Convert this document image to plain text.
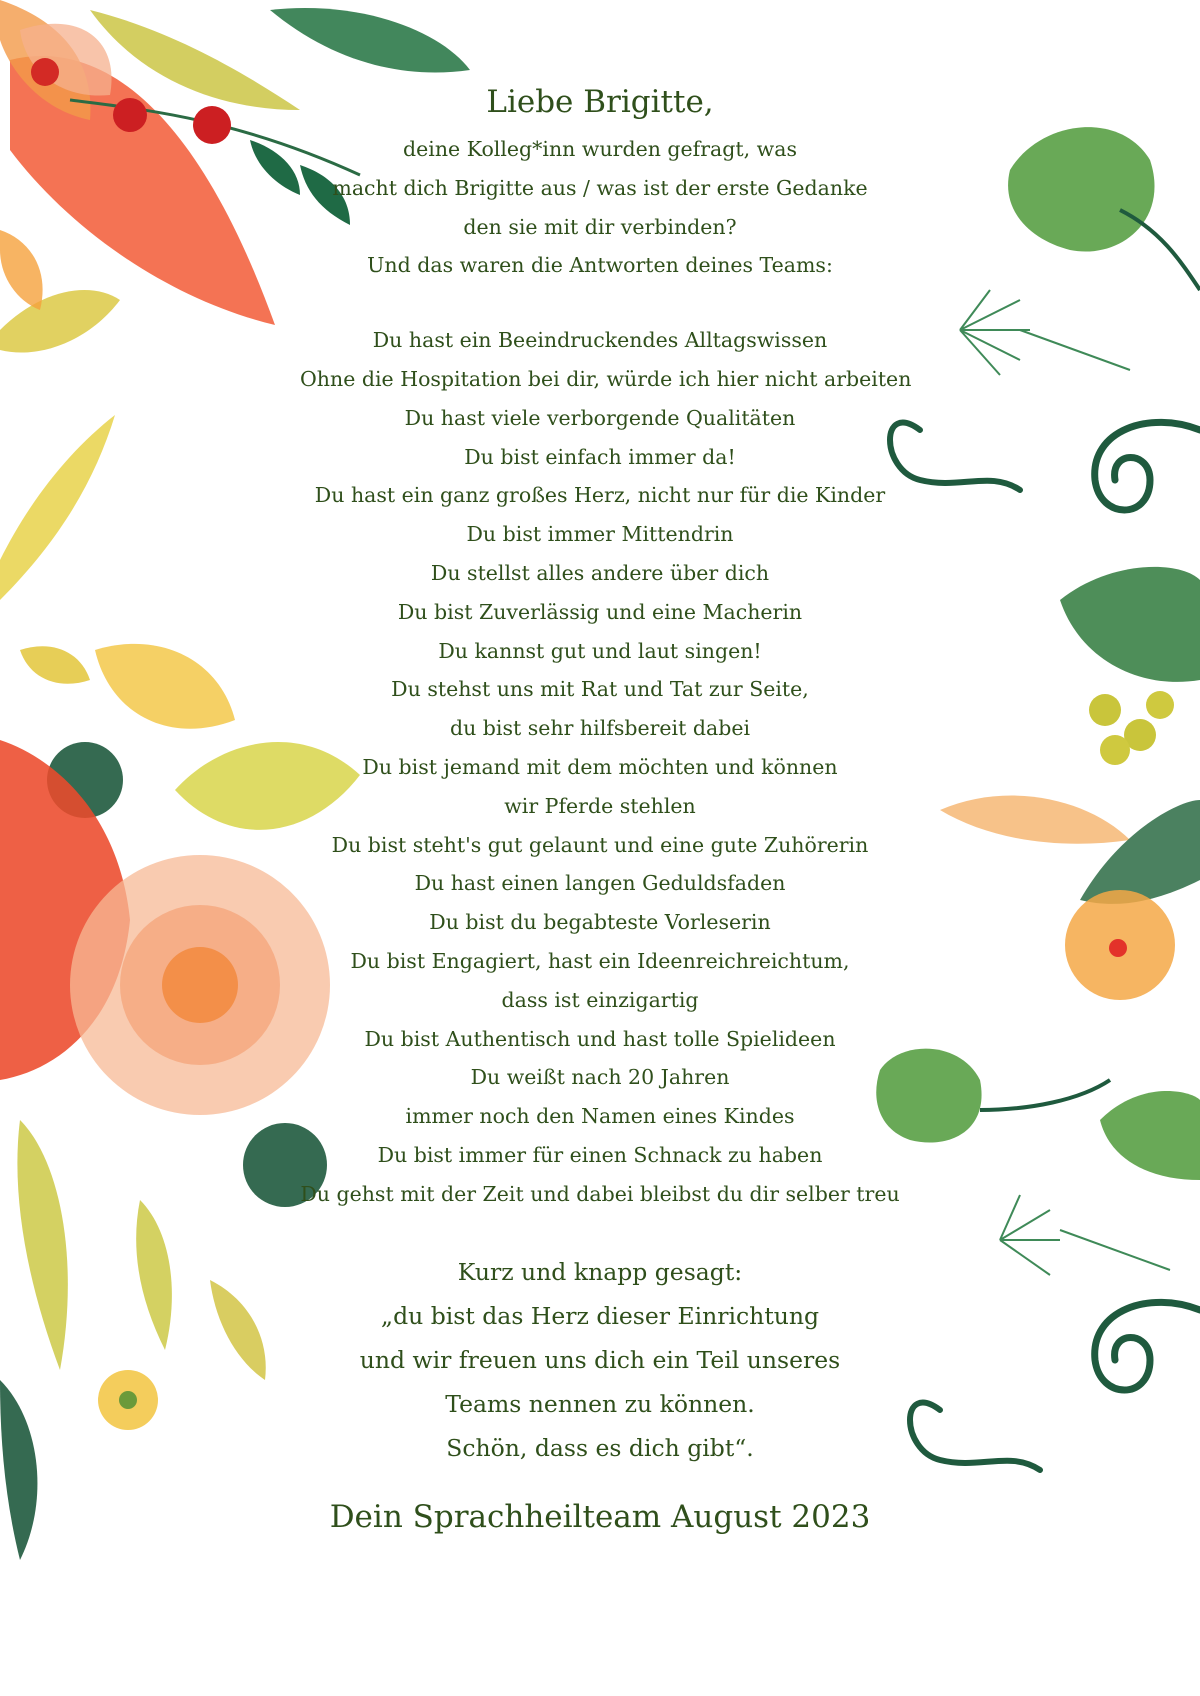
Liebe Brigitte,
deine Kolleg*inn wurden gefragt, was
macht dich Brigitte aus / was ist der erste Gedanke
den sie mit dir verbinden?
Und das waren die Antworten deines Teams:
Du hast ein Beeindruckendes Alltagswissen
Ohne die Hospitation bei dir, würde ich hier nicht arbeiten
Du hast viele verborgende Qualitäten
Du bist einfach immer da!
Du hast ein ganz großes Herz, nicht nur für die Kinder
Du bist immer Mittendrin
Du stellst alles andere über dich
Du bist Zuverlässig und eine Macherin
Du kannst gut und laut singen!
Du stehst uns mit Rat und Tat zur Seite,
du bist sehr hilfsbereit dabei
Du bist jemand mit dem möchten und können
wir Pferde stehlen
Du bist steht's gut gelaunt und eine gute Zuhörerin
Du hast einen langen Geduldsfaden
Du bist du begabteste Vorleserin
Du bist Engagiert, hast ein Ideenreichreichtum,
dass ist einzigartig
Du bist Authentisch und hast tolle Spielideen
Du weißt nach 20 Jahren
immer noch den Namen eines Kindes
Du bist immer für einen Schnack zu haben
Du gehst mit der Zeit und dabei bleibst du dir selber treu
Kurz und knapp gesagt:
„du bist das Herz dieser Einrichtung
und wir freuen uns dich ein Teil unseres
Teams nennen zu können.
Schön, dass es dich gibt“.
Dein Sprachheilteam August 2023
